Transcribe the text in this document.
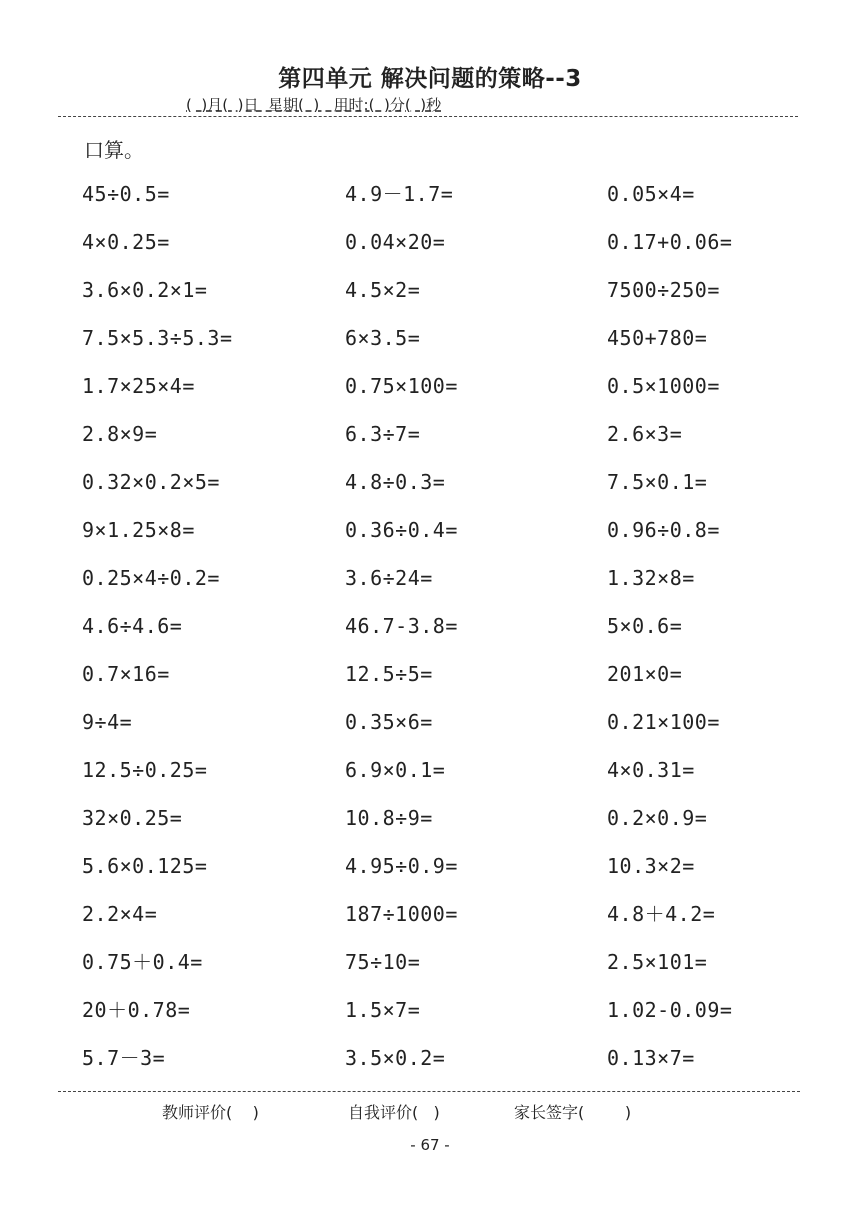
第四单元 解决问题的策略--3

(  )月(  )日  星期(  )   用时:(  )分(  )秒

口算。
45÷0.5=	4.9－1.7=	0.05×4=
4×0.25=	0.04×20=	0.17+0.06=
3.6×0.2×1=	4.5×2=	7500÷250=
7.5×5.3÷5.3=	6×3.5=	450+780=
1.7×25×4=	0.75×100=	0.5×1000=
2.8×9=	6.3÷7=	2.6×3=
0.32×0.2×5=	4.8÷0.3=	7.5×0.1=
9×1.25×8=	0.36÷0.4=	0.96÷0.8=
0.25×4÷0.2=	3.6÷24=	1.32×8=
4.6÷4.6=	46.7-3.8=	5×0.6=
0.7×16=	12.5÷5=	201×0=
9÷4=	0.35×6=	0.21×100=
12.5÷0.25=	6.9×0.1=	4×0.31=
32×0.25=	10.8÷9=	0.2×0.9=
5.6×0.125=	4.95÷0.9=	10.3×2=
2.2×4=	187÷1000=	4.8＋4.2=
0.75＋0.4=	75÷10=	2.5×101=
20＋0.78=	1.5×7=	1.02-0.09=
5.7－3=	3.5×0.2=	0.13×7=
教师评价(    )	自我评价(   )	家长签字(        )
- 67 -
